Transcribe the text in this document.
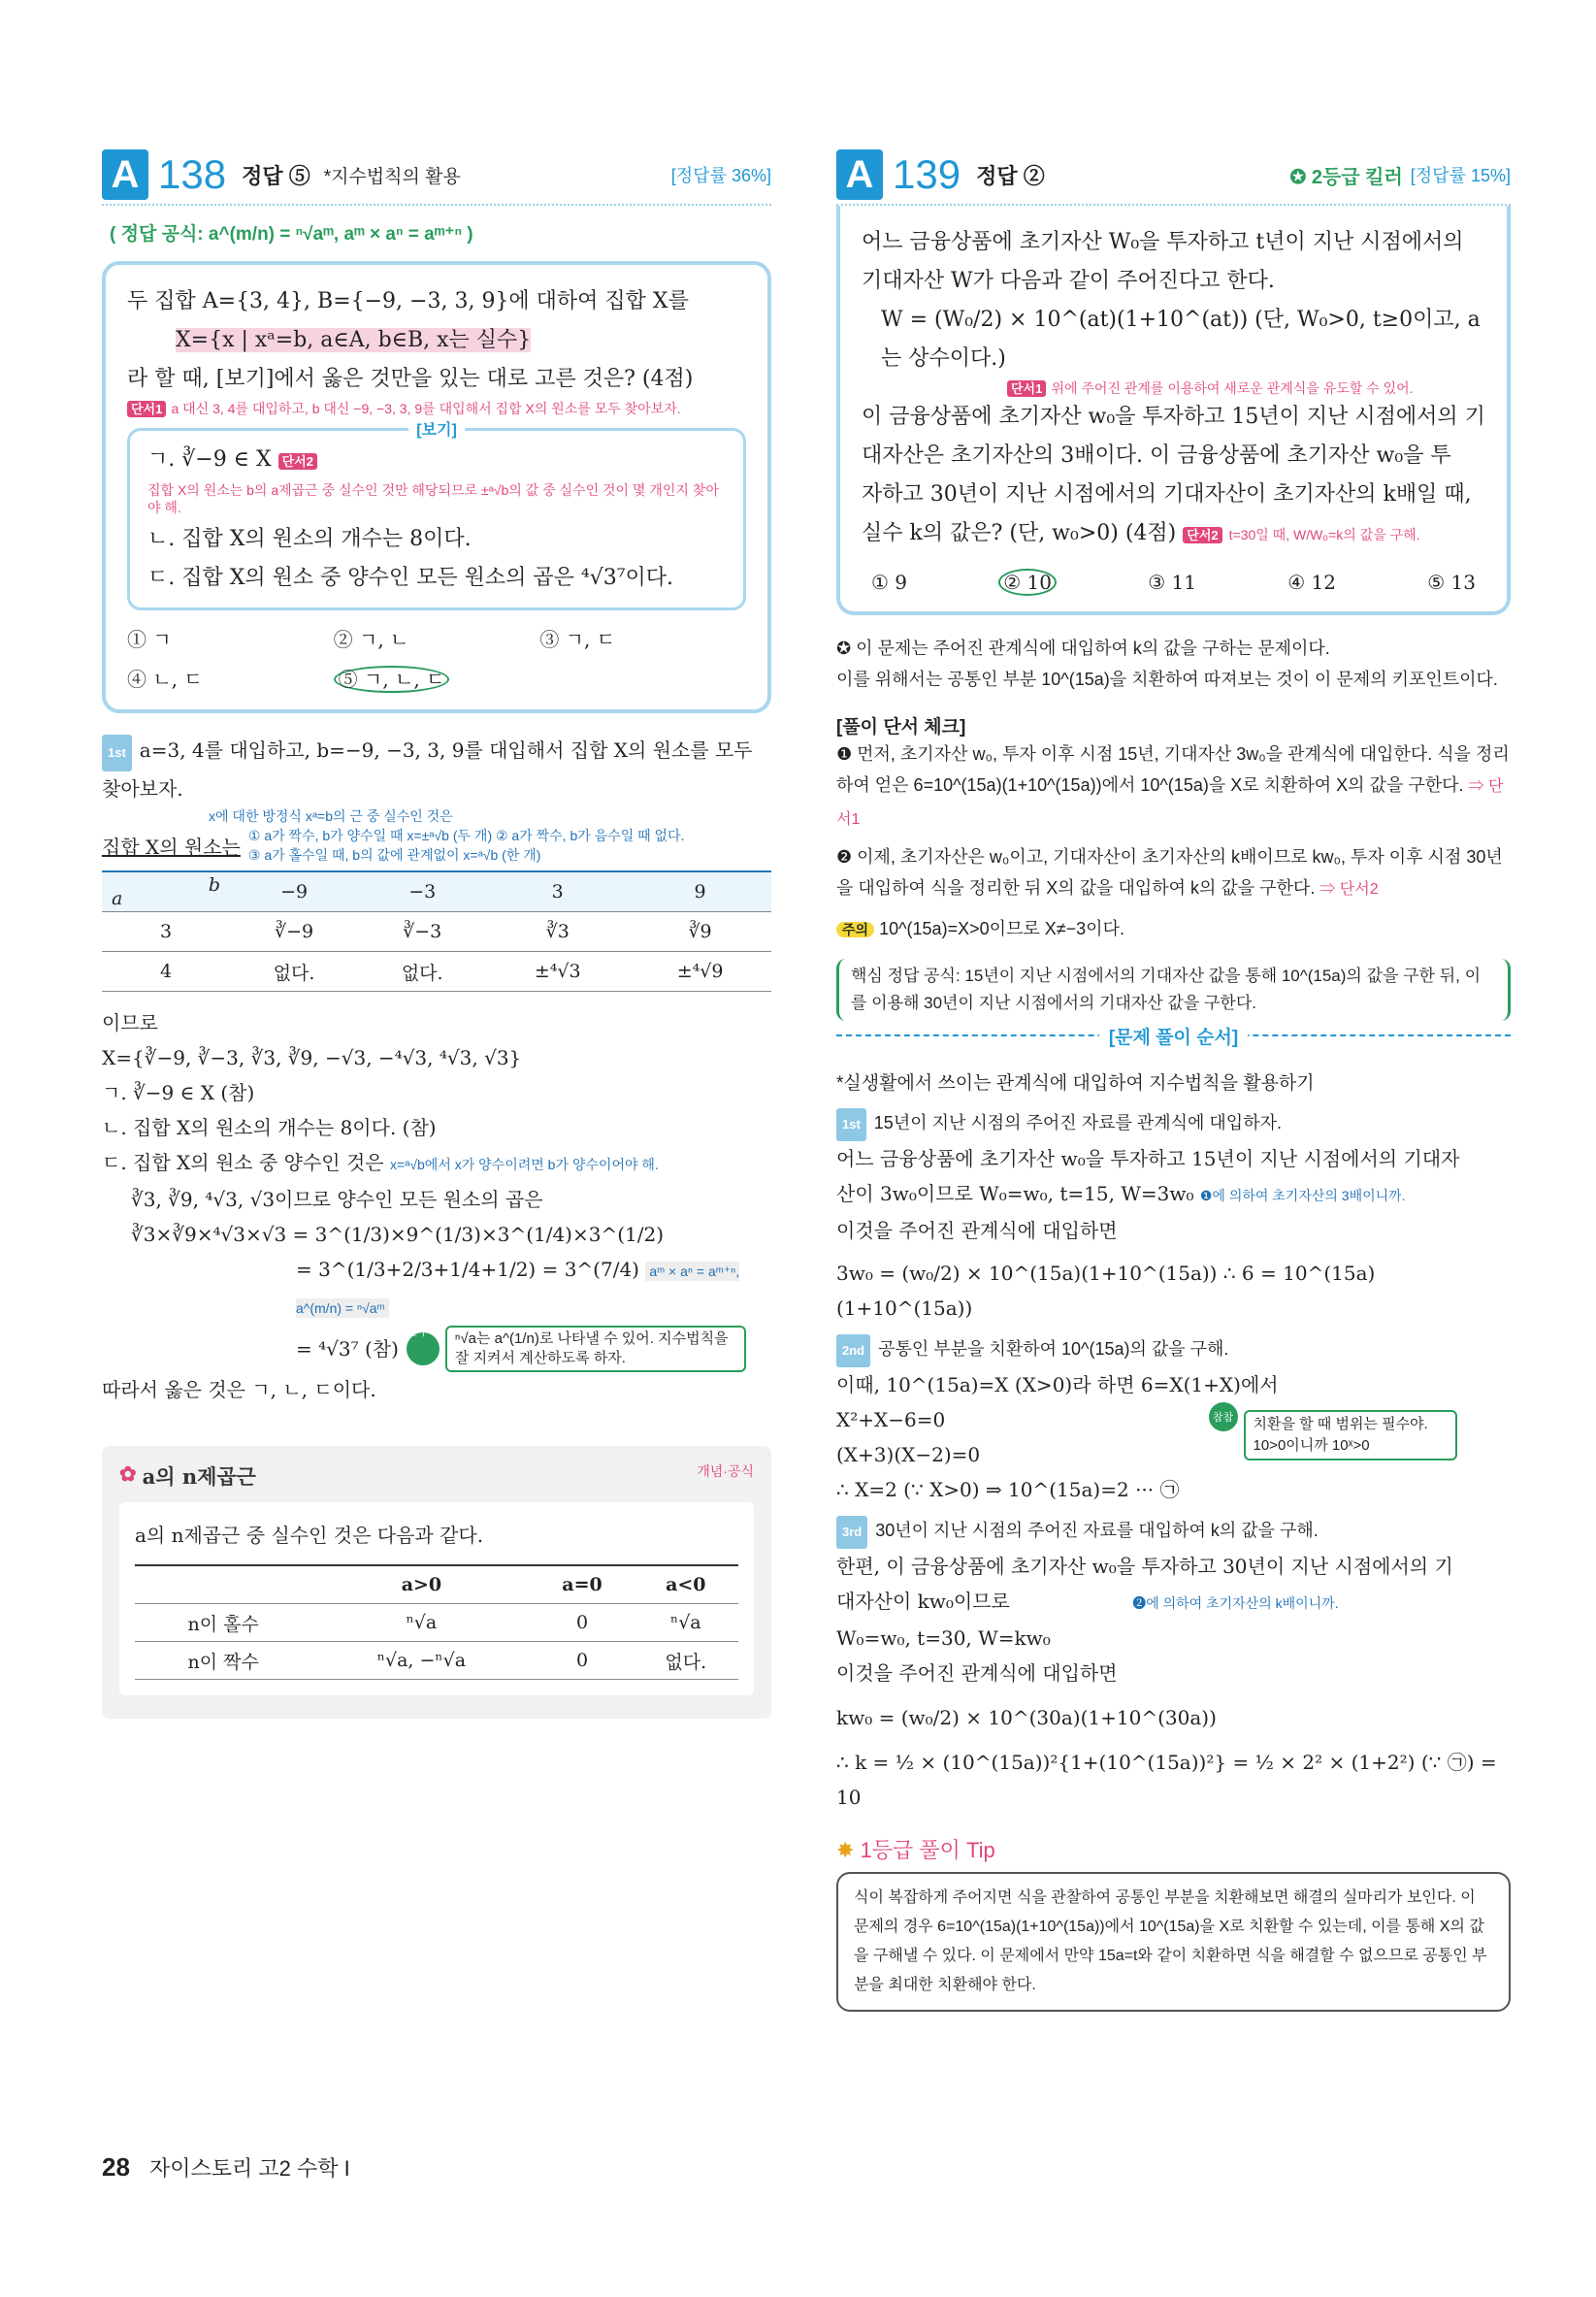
A 138 정답 ⑤ *지수법칙의 활용	[정답률 36%]
( 정답 공식: a^(m/n) = ⁿ√aᵐ, aᵐ × aⁿ = aᵐ⁺ⁿ )
두 집합 A={3, 4}, B={−9, −3, 3, 9}에 대하여 집합 X를
X={x | xᵃ=b, a∈A, b∈B, x는 실수}
라 할 때, [보기]에서 옳은 것만을 있는 대로 고른 것은? (4점)
단서1 a 대신 3, 4를 대입하고, b 대신 −9, −3, 3, 9를 대입해서 집합 X의 원소를 모두 찾아보자.
[보기]
ㄱ. ∛−9 ∈ X 단서2
집합 X의 원소는 b의 a제곱근 중 실수인 것만 해당되므로 ±ᵃ√b의 값 중 실수인 것이 몇 개인지 찾아야 해.
ㄴ. 집합 X의 원소의 개수는 8이다.
ㄷ. 집합 X의 원소 중 양수인 모든 원소의 곱은 ⁴√3⁷이다.
① ㄱ	② ㄱ, ㄴ	③ ㄱ, ㄷ
④ ㄴ, ㄷ	⑤ ㄱ, ㄴ, ㄷ
1st a=3, 4를 대입하고, b=−9, −3, 3, 9를 대입해서 집합 X의 원소를 모두 찾아보자.
x에 대한 방정식 xᵃ=b의 근 중 실수인 것은
집합 X의 원소는 ① a가 짝수, b가 양수일 때 x=±ᵃ√b (두 개) ② a가 짝수, b가 음수일 때 없다.
③ a가 홀수일 때, b의 값에 관계없이 x=ᵃ√b (한 개)
a
b	−9	−3	3	9
3	∛−9	∛−3	∛3	∛9
4	없다.	없다.	±⁴√3	±⁴√9
이므로
X={∛−9, ∛−3, ∛3, ∛9, −√3, −⁴√3, ⁴√3, √3}
ㄱ. ∛−9 ∈ X (참)
ㄴ. 집합 X의 원소의 개수는 8이다. (참)
ㄷ. 집합 X의 원소 중 양수인 것은 x=ᵃ√b에서 x가 양수이려면 b가 양수이어야 해.
∛3, ∛9, ⁴√3, √3이므로 양수인 모든 원소의 곱은
∛3×∛9×⁴√3×√3 = 3^(1/3)×9^(1/3)×3^(1/4)×3^(1/2)
= 3^(1/3+2/3+1/4+1/2) = 3^(7/4) aᵐ × aⁿ = aᵐ⁺ⁿ, a^(m/n) = ⁿ√aᵐ
= ⁴√3⁷ (참)
실수 ⟲
ⁿ√a는 a^(1/n)로 나타낼 수 있어. 지수법칙을 잘 지켜서 계산하도록 하자.
따라서 옳은 것은 ㄱ, ㄴ, ㄷ이다.
✿ a의 n제곱근	개념·공식
a의 n제곱근 중 실수인 것은 다음과 같다.
	a>0	a=0	a<0
n이 홀수	ⁿ√a	0	ⁿ√a
n이 짝수	ⁿ√a, −ⁿ√a	0	없다.
A 139 정답 ②	✪ 2등급 킬러 [정답률 15%]
어느 금융상품에 초기자산 W₀을 투자하고 t년이 지난 시점에서의
기대자산 W가 다음과 같이 주어진다고 한다.
W = (W₀/2) × 10^(at)(1+10^(at)) (단, W₀>0, t≥0이고, a는 상수이다.)
단서1 위에 주어진 관계를 이용하여 새로운 관계식을 유도할 수 있어.
이 금융상품에 초기자산 w₀을 투자하고 15년이 지난 시점에서의 기
대자산은 초기자산의 3배이다. 이 금융상품에 초기자산 w₀을 투
자하고 30년이 지난 시점에서의 기대자산이 초기자산의 k배일 때,
실수 k의 값은? (단, w₀>0) (4점) 단서2 t=30일 때, W/W₀=k의 값을 구해.
① 9	② 10	③ 11	④ 12	⑤ 13
✪ 이 문제는 주어진 관계식에 대입하여 k의 값을 구하는 문제이다.
이를 위해서는 공통인 부분 10^(15a)을 치환하여 따져보는 것이 이 문제의 키포인트이다.
[풀이 단서 체크]
❶ 먼저, 초기자산 w₀, 투자 이후 시점 15년, 기대자산 3w₀을 관계식에 대입한다. 식을 정리하여 얻은 6=10^(15a)(1+10^(15a))에서 10^(15a)을 X로 치환하여 X의 값을 구한다. ⇒ 단서1
❷ 이제, 초기자산은 w₀이고, 기대자산이 초기자산의 k배이므로 kw₀, 투자 이후 시점 30년을 대입하여 식을 정리한 뒤 X의 값을 대입하여 k의 값을 구한다. ⇒ 단서2
주의 10^(15a)=X>0이므로 X≠−3이다.
핵심 정답 공식: 15년이 지난 시점에서의 기대자산 값을 통해 10^(15a)의 값을 구한 뒤, 이를 이용해 30년이 지난 시점에서의 기대자산 값을 구한다.
[문제 풀이 순서]
*실생활에서 쓰이는 관계식에 대입하여 지수법칙을 활용하기
1st 15년이 지난 시점의 주어진 자료를 관계식에 대입하자.
어느 금융상품에 초기자산 w₀을 투자하고 15년이 지난 시점에서의 기대자
산이 3w₀이므로 W₀=w₀, t=15, W=3w₀ ❶에 의하여 초기자산의 3배이니까.
이것을 주어진 관계식에 대입하면
3w₀ = (w₀/2) × 10^(15a)(1+10^(15a)) ∴ 6 = 10^(15a)(1+10^(15a))
2nd 공통인 부분을 치환하여 10^(15a)의 값을 구해.
이때, 10^(15a)=X (X>0)라 하면 6=X(1+X)에서
X²+X−6=0
(X+3)(X−2)=0
∴ X=2 (∵ X>0) ⇒ 10^(15a)=2 ··· ㉠
참참	치환을 할 때 범위는 필수야. 10>0이니까 10ˣ>0
3rd 30년이 지난 시점의 주어진 자료를 대입하여 k의 값을 구해.
한편, 이 금융상품에 초기자산 w₀을 투자하고 30년이 지난 시점에서의 기
대자산이 kw₀이므로	❷에 의하여 초기자산의 k배이니까.
W₀=w₀, t=30, W=kw₀
이것을 주어진 관계식에 대입하면
kw₀ = (w₀/2) × 10^(30a)(1+10^(30a))
∴ k = ½ × (10^(15a))²{1+(10^(15a))²} = ½ × 2² × (1+2²) (∵ ㉠) = 10
✸ 1등급 풀이 Tip
식이 복잡하게 주어지면 식을 관찰하여 공통인 부분을 치환해보면 해결의 실마리가 보인다. 이 문제의 경우 6=10^(15a)(1+10^(15a))에서 10^(15a)을 X로 치환할 수 있는데, 이를 통해 X의 값을 구해낼 수 있다. 이 문제에서 만약 15a=t와 같이 치환하면 식을 해결할 수 없으므로 공통인 부분을 최대한 치환해야 한다.
28 자이스토리 고2 수학 I
